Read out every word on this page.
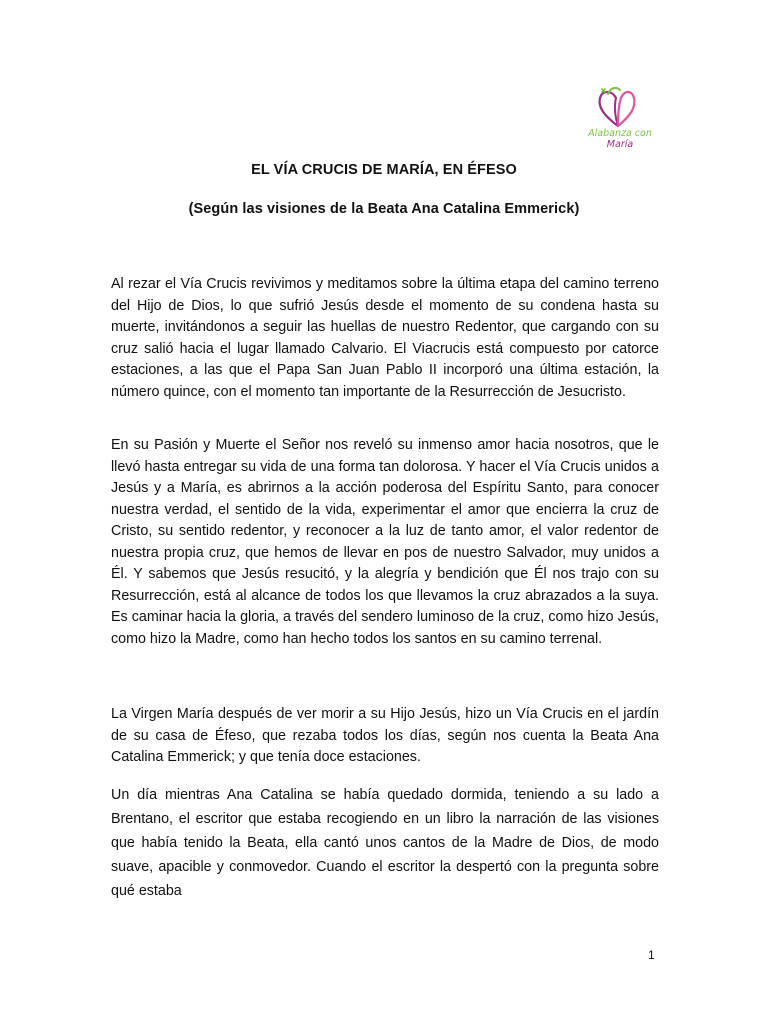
Alabanza con María
EL VÍA CRUCIS DE MARÍA, EN ÉFESO
(Según las visiones de la Beata Ana Catalina Emmerick)

Al rezar el Vía Crucis revivimos y meditamos sobre la última etapa del camino terreno del Hijo de Dios, lo que sufrió Jesús desde el momento de su condena hasta su muerte, invitándonos a seguir las huellas de nuestro Redentor, que cargando con su cruz salió hacia el lugar llamado Calvario. El Viacrucis está compuesto por catorce estaciones, a las que el Papa San Juan Pablo II incorporó una última estación, la número quince, con el momento tan importante de la Resurrección de Jesucristo.

En su Pasión y Muerte el Señor nos reveló su inmenso amor hacia nosotros, que le llevó hasta entregar su vida de una forma tan dolorosa. Y hacer el Vía Crucis unidos a Jesús y a María, es abrirnos a la acción poderosa del Espíritu Santo, para conocer nuestra verdad, el sentido de la vida, experimentar el amor que encierra la cruz de Cristo, su sentido redentor, y reconocer a la luz de tanto amor, el valor redentor de nuestra propia cruz, que hemos de llevar en pos de nuestro Salvador, muy unidos a Él. Y sabemos que Jesús resucitó, y la alegría y bendición que Él nos trajo con su Resurrección, está al alcance de todos los que llevamos la cruz abrazados a la suya. Es caminar hacia la gloria, a través del sendero luminoso de la cruz, como hizo Jesús, como hizo la Madre, como han hecho todos los santos en su camino terrenal.

La Virgen María después de ver morir a su Hijo Jesús, hizo un Vía Crucis en el jardín de su casa de Éfeso, que rezaba todos los días, según nos cuenta la Beata Ana Catalina Emmerick; y que tenía doce estaciones.

Un día mientras Ana Catalina se había quedado dormida, teniendo a su lado a Brentano, el escritor que estaba recogiendo en un libro la narración de las visiones que había tenido la Beata, ella cantó unos cantos de la Madre de Dios, de modo suave, apacible y conmovedor. Cuando el escritor la despertó con la pregunta sobre qué estaba

1
